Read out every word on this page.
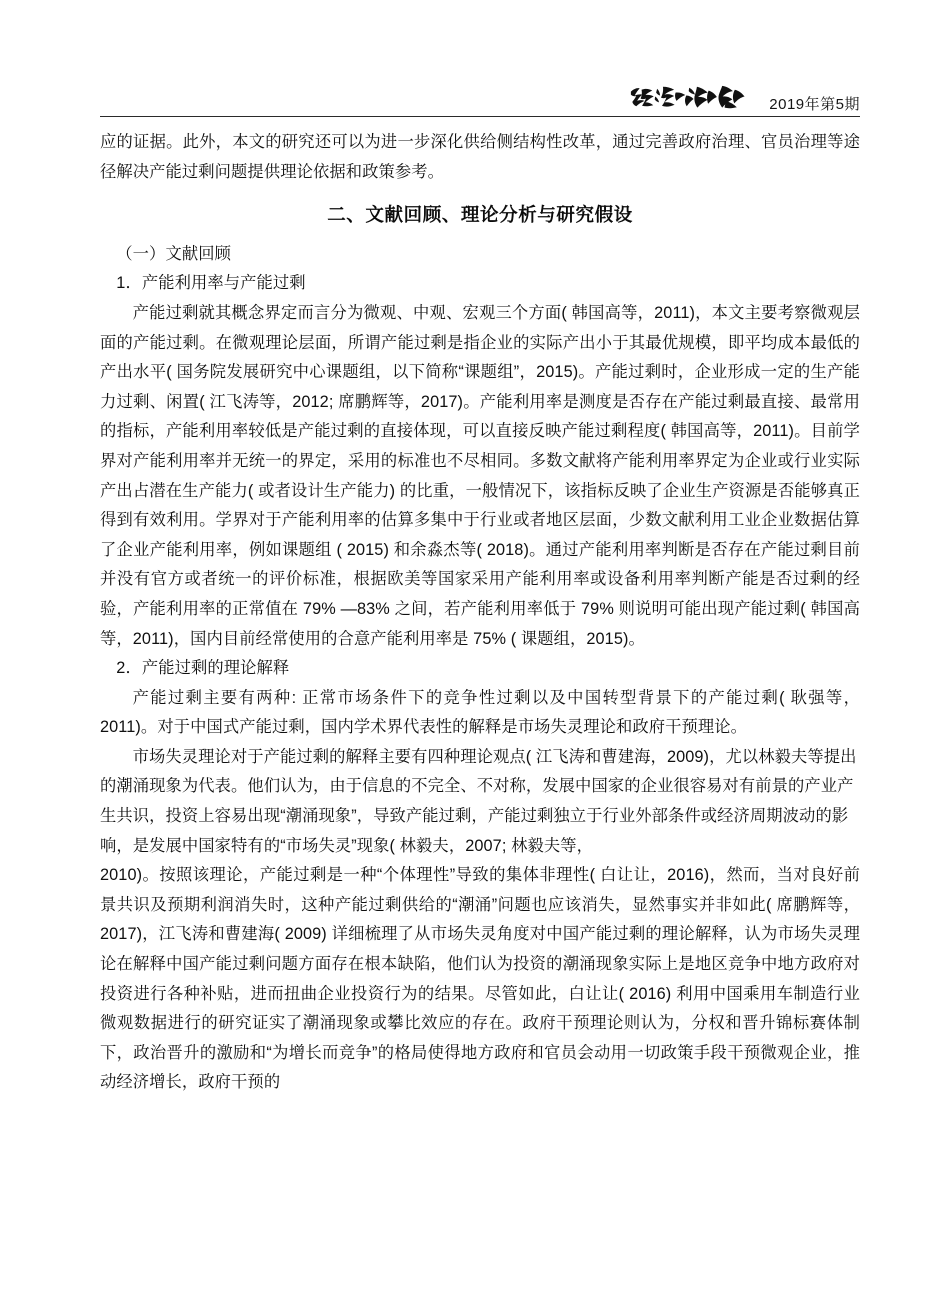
2019年第5期

应的证据。此外，本文的研究还可以为进一步深化供给侧结构性改革，通过完善政府治理、官员治理等途径解决产能过剩问题提供理论依据和政策参考。

二、文献回顾、理论分析与研究假设

（一）文献回顾

1．产能利用率与产能过剩

产能过剩就其概念界定而言分为微观、中观、宏观三个方面( 韩国高等，2011)，本文主要考察微观层面的产能过剩。在微观理论层面，所谓产能过剩是指企业的实际产出小于其最优规模，即平均成本最低的产出水平( 国务院发展研究中心课题组，以下简称“课题组”，2015)。产能过剩时，企业形成一定的生产能力过剩、闲置( 江飞涛等，2012; 席鹏辉等，2017)。产能利用率是测度是否存在产能过剩最直接、最常用的指标，产能利用率较低是产能过剩的直接体现，可以直接反映产能过剩程度( 韩国高等，2011)。目前学界对产能利用率并无统一的界定，采用的标准也不尽相同。多数文献将产能利用率界定为企业或行业实际产出占潜在生产能力( 或者设计生产能力) 的比重，一般情况下，该指标反映了企业生产资源是否能够真正得到有效利用。学界对于产能利用率的估算多集中于行业或者地区层面，少数文献利用工业企业数据估算了企业产能利用率，例如课题组 ( 2015) 和余淼杰等( 2018)。通过产能利用率判断是否存在产能过剩目前并没有官方或者统一的评价标准，根据欧美等国家采用产能利用率或设备利用率判断产能是否过剩的经验，产能利用率的正常值在 79% —83% 之间，若产能利用率低于 79% 则说明可能出现产能过剩( 韩国高等，2011)，国内目前经常使用的合意产能利用率是 75% ( 课题组，2015)。

2．产能过剩的理论解释

产能过剩主要有两种: 正常市场条件下的竞争性过剩以及中国转型背景下的产能过剩( 耿强等，2011)。对于中国式产能过剩，国内学术界代表性的解释是市场失灵理论和政府干预理论。

市场失灵理论对于产能过剩的解释主要有四种理论观点( 江飞涛和曹建海，2009)，尤以林毅夫等提出的潮涌现象为代表。他们认为，由于信息的不完全、不对称，发展中国家的企业很容易对有前景的产业产生共识，投资上容易出现“潮涌现象”，导致产能过剩，产能过剩独立于行业外部条件或经济周期波动的影响，是发展中国家特有的“市场失灵”现象( 林毅夫，2007; 林毅夫等，

2010)。按照该理论，产能过剩是一种“个体理性”导致的集体非理性( 白让让，2016)，然而，当对良好前景共识及预期利润消失时，这种产能过剩供给的“潮涌”问题也应该消失，显然事实并非如此( 席鹏辉等，2017)，江飞涛和曹建海( 2009) 详细梳理了从市场失灵角度对中国产能过剩的理论解释，认为市场失灵理论在解释中国产能过剩问题方面存在根本缺陷，他们认为投资的潮涌现象实际上是地区竞争中地方政府对投资进行各种补贴，进而扭曲企业投资行为的结果。尽管如此，白让让( 2016) 利用中国乘用车制造行业微观数据进行的研究证实了潮涌现象或攀比效应的存在。政府干预理论则认为，分权和晋升锦标赛体制下，政治晋升的激励和“为增长而竞争”的格局使得地方政府和官员会动用一切政策手段干预微观企业，推动经济增长，政府干预的
